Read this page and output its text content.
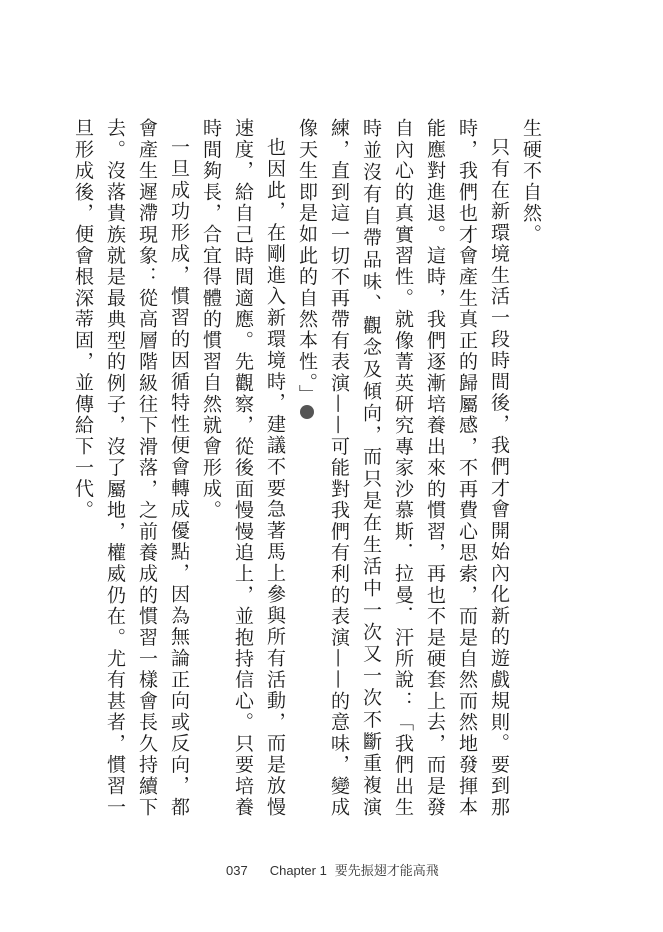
生硬不自然。

只有在新環境生活一段時間後，我們才會開始內化新的遊戲規則。要到那時，我們也才會產生真正的歸屬感，不再費心思索，而是自然而然地發揮本能應對進退。這時，我們逐漸培養出來的慣習，再也不是硬套上去，而是發自內心的真實習性。就像菁英研究專家沙慕斯．拉曼．汗所說：「我們出生時並沒有自帶品味、觀念及傾向，而只是在生活中一次又一次不斷重複演練，直到這一切不再帶有表演——可能對我們有利的表演——的意味，變成像天生即是如此的自然本性。」12

也因此，在剛進入新環境時，建議不要急著馬上參與所有活動，而是放慢速度，給自己時間適應。先觀察，從後面慢慢追上，並抱持信心。只要培養時間夠長，合宜得體的慣習自然就會形成。

一旦成功形成，慣習的因循特性便會轉成優點，因為無論正向或反向，都會產生遲滯現象：從高層階級往下滑落，之前養成的慣習一樣會長久持續下去。沒落貴族就是最典型的例子，沒了屬地，權威仍在。尤有甚者，慣習一旦形成後，便會根深蒂固，並傳給下一代。

037 Chapter 1 要先振翅才能高飛
